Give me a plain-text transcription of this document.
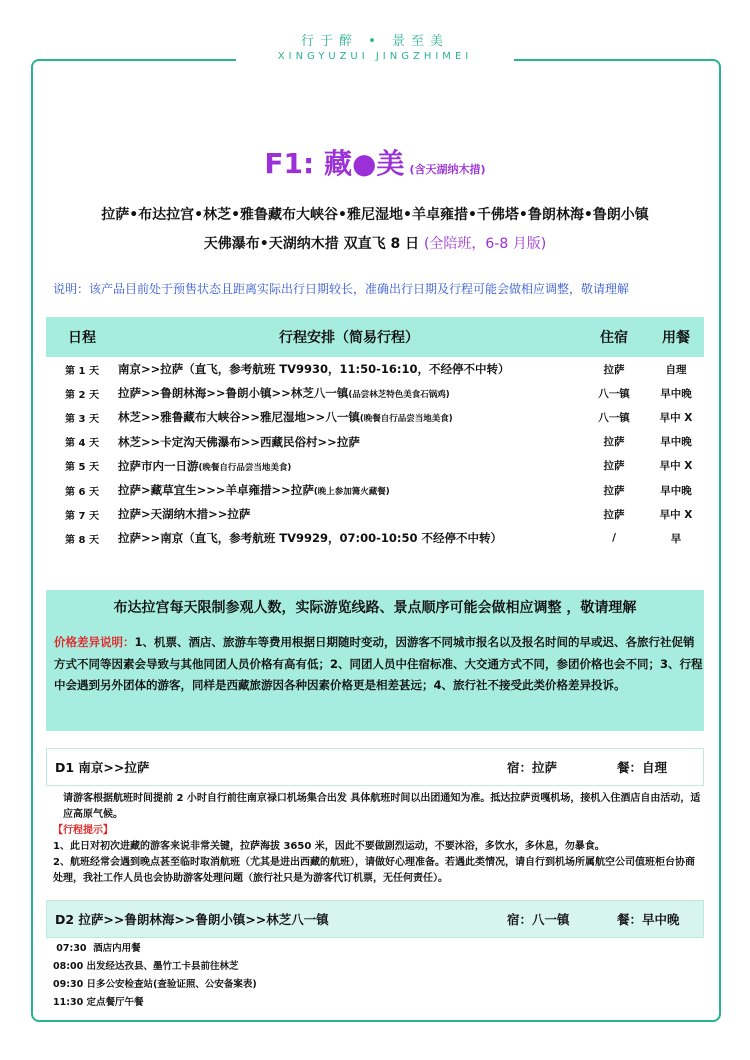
行于醉 • 景至美
XINGYUZUI JINGZHIMEI
F1: 藏●美 (含天湖纳木措)
拉萨•布达拉宫•林芝•雅鲁藏布大峡谷•雅尼湿地•羊卓雍措•千佛塔•鲁朗林海•鲁朗小镇
天佛瀑布•天湖纳木措 双直飞 8 日 (全陪班，6-8 月版)
说明：该产品目前处于预售状态且距离实际出行日期较长，准确出行日期及行程可能会做相应调整，敬请理解
日程	行程安排（简易行程）	住宿	用餐
第 1 天	南京>>拉萨（直飞，参考航班 TV9930，11:50-16:10，不经停不中转）	拉萨	自理
第 2 天	拉萨>>鲁朗林海>>鲁朗小镇>>林芝八一镇(品尝林芝特色美食石锅鸡)	八一镇	早中晚
第 3 天	林芝>>雅鲁藏布大峡谷>>雅尼湿地>>八一镇(晚餐自行品尝当地美食)	八一镇	早中 X
第 4 天	林芝>>卡定沟天佛瀑布>>西藏民俗村>>拉萨	拉萨	早中晚
第 5 天	拉萨市内一日游(晚餐自行品尝当地美食)	拉萨	早中 X
第 6 天	拉萨>藏草宜生>>>羊卓雍措>>拉萨(晚上参加篝火藏餐)	拉萨	早中晚
第 7 天	拉萨>天湖纳木措>>拉萨	拉萨	早中 X
第 8 天	拉萨>>南京（直飞，参考航班 TV9929，07:00-10:50 不经停不中转）	/	早
布达拉宫每天限制参观人数，实际游览线路、景点顺序可能会做相应调整 ，敬请理解
价格差异说明：1、机票、酒店、旅游车等费用根据日期随时变动，因游客不同城市报名以及报名时间的早或迟、各旅行社促销方式不同等因素会导致与其他同团人员价格有高有低；2、同团人员中住宿标准、大交通方式不同，参团价格也会不同；3、行程中会遇到另外团体的游客，同样是西藏旅游因各种因素价格更是相差甚远；4、旅行社不接受此类价格差异投诉。
D1 南京>>拉萨	宿：拉萨	餐：自理
请游客根据航班时间提前 2 小时自行前往南京禄口机场集合出发 具体航班时间以出团通知为准。抵达拉萨贡嘎机场，接机入住酒店自由活动，适应高原气候。
【行程提示】
1、此日对初次进藏的游客来说非常关键，拉萨海拔 3650 米，因此不要做剧烈运动，不要沐浴，多饮水，多休息，勿暴食。
2、航班经常会遇到晚点甚至临时取消航班（尤其是进出西藏的航班），请做好心理准备。若遇此类情况，请自行到机场所属航空公司值班柜台协商处理，我社工作人员也会协助游客处理问题（旅行社只是为游客代订机票，无任何责任）。
D2 拉萨>>鲁朗林海>>鲁朗小镇>>林芝八一镇	宿：八一镇	餐：早中晚
07:30  酒店内用餐
08:00 出发经达孜县、墨竹工卡县前往林芝
09:30 日多公安检查站(查验证照、公安备案表)
11:30 定点餐厅午餐
